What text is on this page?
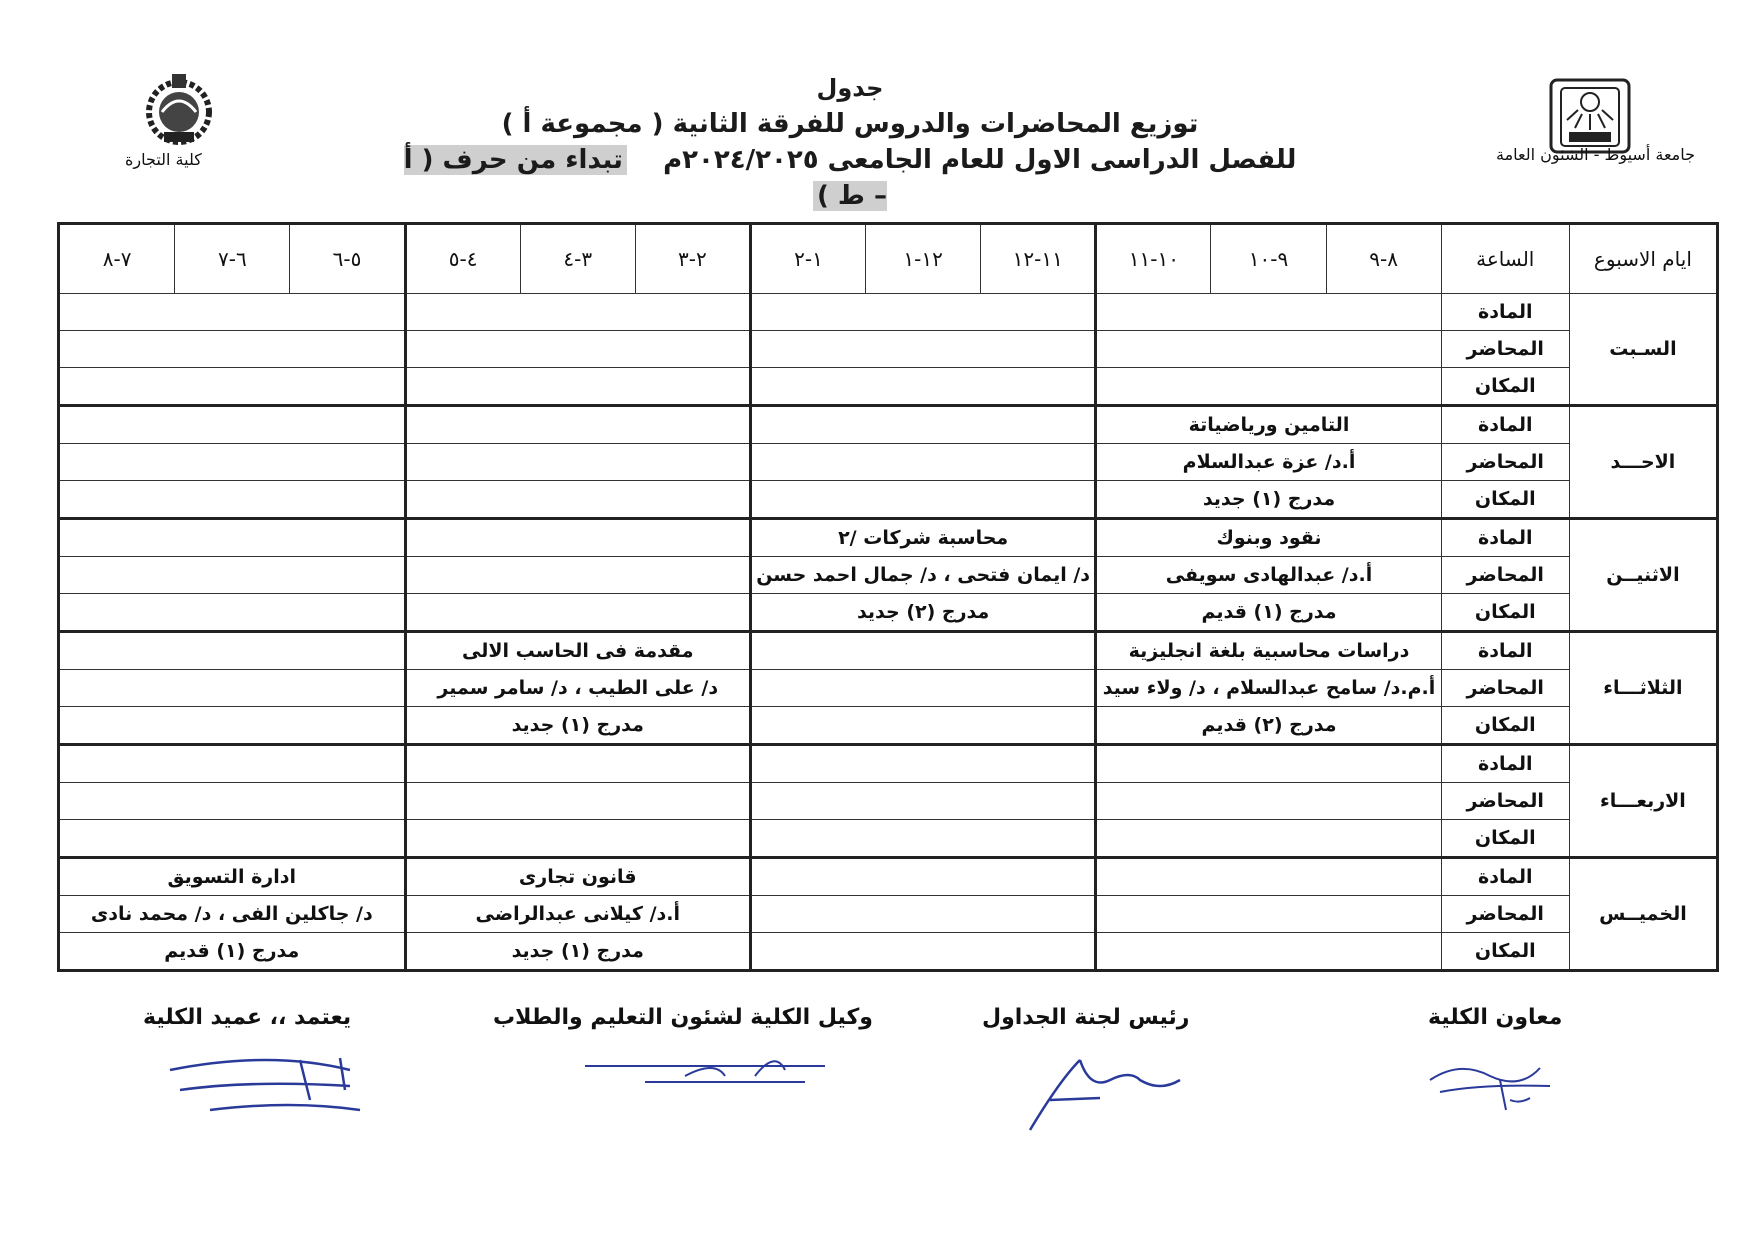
جدول
توزيع المحاضرات والدروس للفرقة الثانية ( مجموعة أ )
للفصل الدراسى الاول للعام الجامعى ٢٠٢٤/٢٠٢٥م    تبداء من حرف ( أ – ط )
جامعة أسيوط - الشئون العامة
كلية التجارة
ايام الاسبوع	الساعة	٨-٩	٩-١٠	١٠-١١	١١-١٢	١٢-١	١-٢	٢-٣	٣-٤	٤-٥	٥-٦	٦-٧	٧-٨
السـبت	المادة												
	المحاضر												
	المكان												
الاحـــد	المادة	التامين ورياضياتة											
	المحاضر	أ.د/ عزة عبدالسلام											
	المكان	مدرج (١) جديد											
الاثنيــن	المادة	نقود وبنوك			محاسبة شركات /٢								
	المحاضر	أ.د/ عبدالهادى سويفى			د/ ايمان فتحى ، د/ جمال احمد حسن								
	المكان	مدرج (١) قديم			مدرج (٢) جديد								
الثلاثـــاء	المادة	دراسات محاسبية بلغة انجليزية						مقدمة فى الحاسب الالى					
	المحاضر	أ.م.د/ سامح عبدالسلام ، د/ ولاء سيد						د/ على الطيب ، د/ سامر سمير					
	المكان	مدرج (٢) قديم						مدرج (١) جديد					
الاربعـــاء	المادة												
	المحاضر												
	المكان												
الخميــس	المادة							قانون تجارى			ادارة التسويق		
	المحاضر							أ.د/ كيلانى عبدالراضى			د/ جاكلين الفى ، د/ محمد نادى		
	المكان							مدرج (١) جديد			مدرج (١) قديم		
معاون الكلية
رئيس لجنة الجداول
وكيل الكلية لشئون التعليم والطلاب
يعتمد ،، عميد الكلية
